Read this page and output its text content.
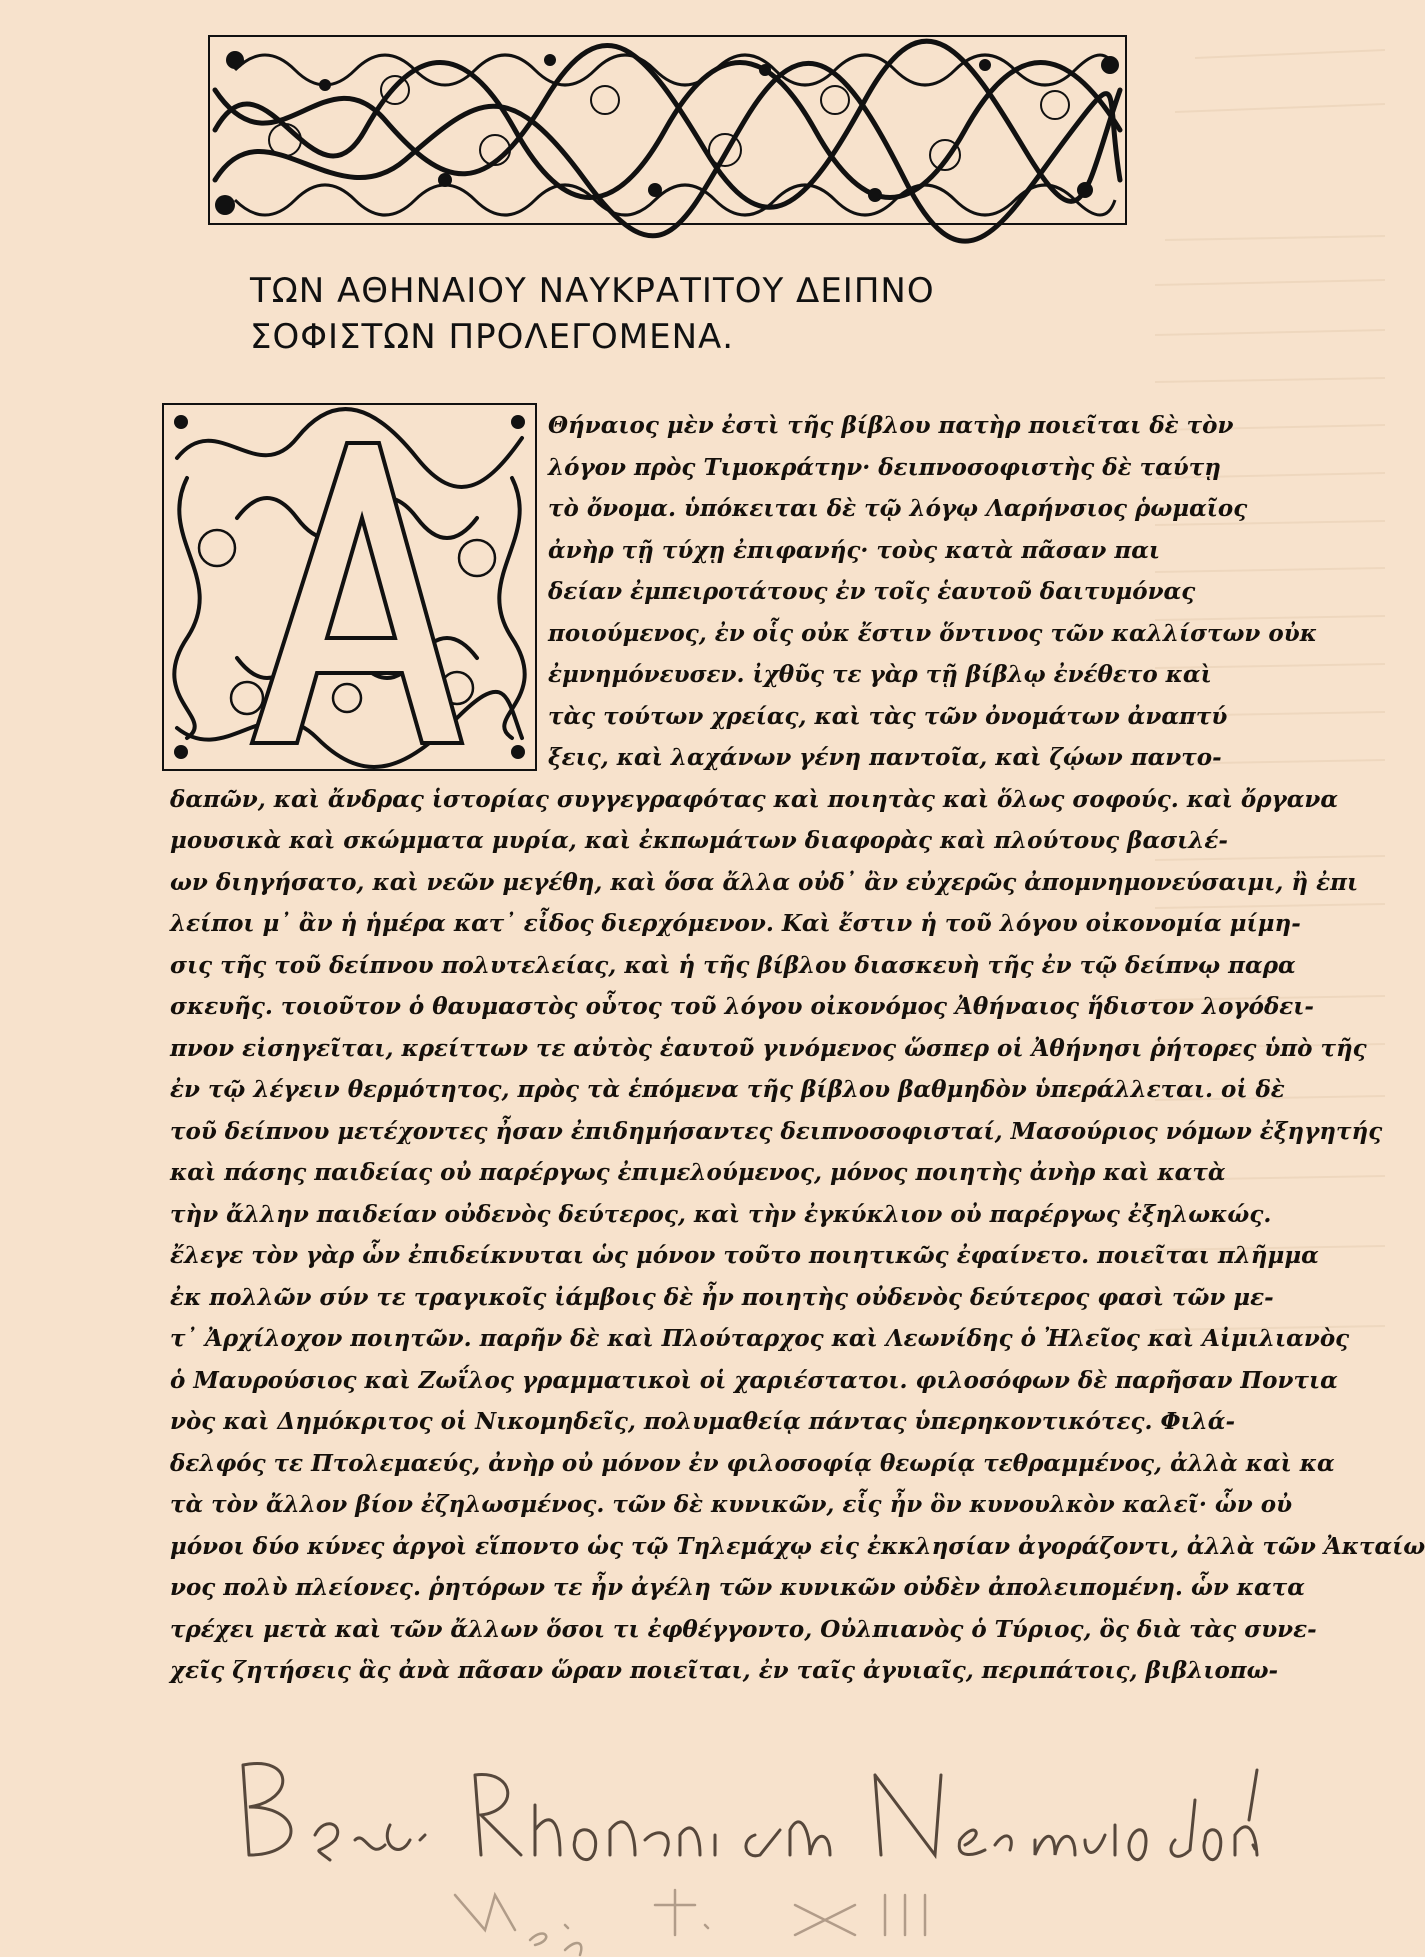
ΤΩΝ ΑΘΗΝΑΙΟΥ ΝΑΥΚΡΑΤΙΤΟΥ ΔΕΙΠΝΟ
ΣΟΦΙΣΤΩΝ ΠΡΟΛΕΓΟΜΕΝΑ.
Θήναιος μὲν ἐστὶ τῆς βίβλου πατὴρ ποιεῖται δὲ τὸν
λόγον πρὸς Τιμοκράτην· δειπνοσοφιστὴς δὲ ταύτῃ
τὸ ὄνομα. ὑπόκειται δὲ τῷ λόγῳ Λαρήνσιος ῥωμαῖος
ἀνὴρ τῇ τύχῃ ἐπιφανής· τοὺς κατὰ πᾶσαν παι
δείαν ἐμπειροτάτους ἐν τοῖς ἑαυτοῦ δαιτυμόνας
ποιούμενος, ἐν οἷς οὐκ ἔστιν ὅντινος τῶν καλλίστων οὐκ
ἐμνημόνευσεν. ἰχθῦς τε γὰρ τῇ βίβλῳ ἐνέθετο καὶ
τὰς τούτων χρείας, καὶ τὰς τῶν ὀνομάτων ἀναπτύ
ξεις, καὶ λαχάνων γένη παντοῖα, καὶ ζῴων παντο-
δαπῶν, καὶ ἄνδρας ἱστορίας συγγεγραφότας καὶ ποιητὰς καὶ ὅλως σοφούς. καὶ ὄργανα
μουσικὰ καὶ σκώμματα μυρία, καὶ ἐκπωμάτων διαφορὰς καὶ πλούτους βασιλέ-
ων διηγήσατο, καὶ νεῶν μεγέθη, καὶ ὅσα ἄλλα οὐδ᾽ ἂν εὐχερῶς ἀπομνημονεύσαιμι, ἢ ἐπι
λείποι μ᾽ ἂν ἡ ἡμέρα κατ᾽ εἶδος διερχόμενον. Καὶ ἔστιν ἡ τοῦ λόγου οἰκονομία μίμη-
σις τῆς τοῦ δείπνου πολυτελείας, καὶ ἡ τῆς βίβλου διασκευὴ τῆς ἐν τῷ δείπνῳ παρα
σκευῆς. τοιοῦτον ὁ θαυμαστὸς οὗτος τοῦ λόγου οἰκονόμος Ἀθήναιος ἥδιστον λογόδει-
πνον εἰσηγεῖται, κρείττων τε αὐτὸς ἑαυτοῦ γινόμενος ὥσπερ οἱ Ἀθήνησι ῥήτορες ὑπὸ τῆς
ἐν τῷ λέγειν θερμότητος, πρὸς τὰ ἑπόμενα τῆς βίβλου βαθμηδὸν ὑπεράλλεται. οἱ δὲ
τοῦ δείπνου μετέχοντες ἦσαν ἐπιδημήσαντες δειπνοσοφισταί, Μασούριος νόμων ἐξηγητής
καὶ πάσης παιδείας οὐ παρέργως ἐπιμελούμενος, μόνος ποιητὴς ἀνὴρ καὶ κατὰ
τὴν ἄλλην παιδείαν οὐδενὸς δεύτερος, καὶ τὴν ἐγκύκλιον οὐ παρέργως ἐξηλωκώς.
ἔλεγε τὸν γὰρ ὧν ἐπιδείκνυται ὡς μόνον τοῦτο ποιητικῶς ἐφαίνετο. ποιεῖται πλῆμμα
ἐκ πολλῶν σύν τε τραγικοῖς ἰάμβοις δὲ ἦν ποιητὴς οὐδενὸς δεύτερος φασὶ τῶν με-
τ᾽ Ἀρχίλοχον ποιητῶν. παρῆν δὲ καὶ Πλούταρχος καὶ Λεωνίδης ὁ Ἠλεῖος καὶ Αἰμιλιανὸς
ὁ Μαυρούσιος καὶ Ζωΐλος γραμματικοὶ οἱ χαριέστατοι. φιλοσόφων δὲ παρῆσαν Ποντια
νὸς καὶ Δημόκριτος οἱ Νικομηδεῖς, πολυμαθείᾳ πάντας ὑπερηκοντικότες. Φιλά-
δελφός τε Πτολεμαεύς, ἀνὴρ οὐ μόνον ἐν φιλοσοφίᾳ θεωρίᾳ τεθραμμένος, ἀλλὰ καὶ κα
τὰ τὸν ἄλλον βίον ἐζηλωσμένος. τῶν δὲ κυνικῶν, εἷς ἦν ὃν κυνουλκὸν καλεῖ· ὧν οὐ
μόνοι δύο κύνες ἀργοὶ εἵποντο ὡς τῷ Τηλεμάχῳ εἰς ἐκκλησίαν ἀγοράζοντι, ἀλλὰ τῶν Ἀκταίω
νος πολὺ πλείονες. ῥητόρων τε ἦν ἀγέλη τῶν κυνικῶν οὐδὲν ἀπολειπομένη. ὧν κατα
τρέχει μετὰ καὶ τῶν ἄλλων ὅσοι τι ἐφθέγγοντο, Οὐλπιανὸς ὁ Τύριος, ὃς διὰ τὰς συνε-
χεῖς ζητήσεις ἃς ἀνὰ πᾶσαν ὥραν ποιεῖται, ἐν ταῖς ἀγυιαῖς, περιπάτοις, βιβλιοπω-
